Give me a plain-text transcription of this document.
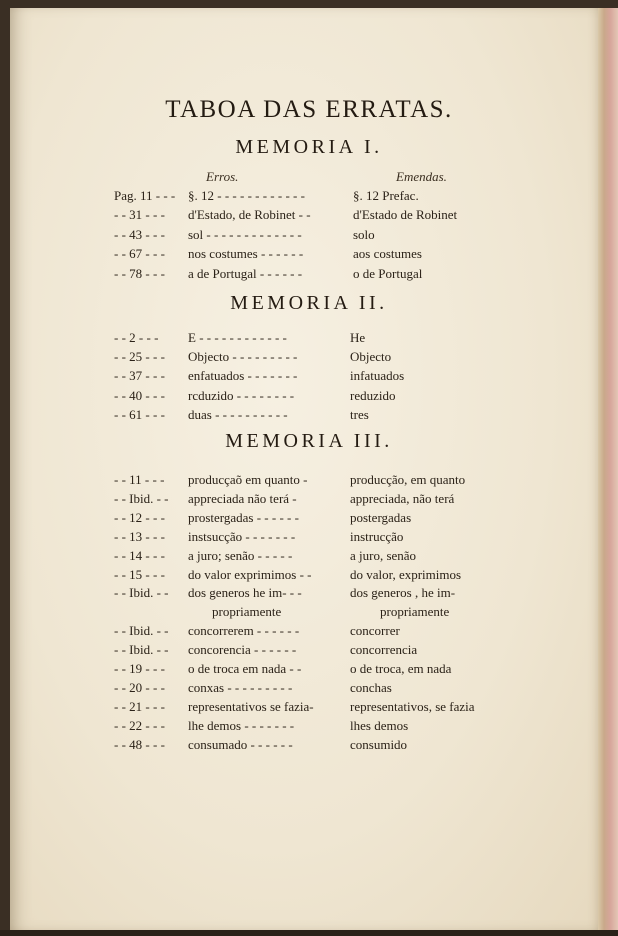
TABOA DAS ERRATAS.
MEMORIA I.
Erros.	Emendas.
Pag. 11 - - - §. 12 - - - - - - - - - - - -	§. 12 Prefac.
- - 31 - - -	d'Estado, de Robinet - -	d'Estado de Robinet
- - 43 - - -	sol - - - - - - - - - - - - -	solo
- - 67 - - -	nos costumes - - - - - -	aos costumes
- - 78 - - -	a de Portugal - - - - - -	o de Portugal
MEMORIA II.
- - 2 - - -	E - - - - - - - - - - - -	He
- - 25 - - -	Objecto - - - - - - - - -	Objecto
- - 37 - - -	enfatuados - - - - - - -	infatuados
- - 40 - - -	rcduzido - - - - - - - -	reduzido
- - 61 - - -	duas - - - - - - - - - -	tres
MEMORIA III.
- - 11 - - -	producçaõ em quanto -	producção, em quanto
- - Ibid. - -	appreciada não terá -	appreciada, não terá
- - 12 - - -	prostergadas - - - - - -	postergadas
- - 13 - - -	instsucção - - - - - - -	instrucção
- - 14 - - -	a juro; senão - - - - -	a juro, senão
- - 15 - - -	do valor exprimimos - -	do valor, exprimimos
- - Ibid. - -	dos generos he im- - -	dos generos , he im-
propriamente	propriamente
- - Ibid. - -	concorrerem - - - - - -	concorrer
- - Ibid. - -	concorencia - - - - - -	concorrencia
- - 19 - - -	o de troca em nada - -	o de troca, em nada
- - 20 - - -	conxas - - - - - - - - -	conchas
- - 21 - - -	representativos se fazia-	representativos, se fazia
- - 22 - - -	lhe demos - - - - - - -	lhes demos
- - 48 - - -	consumado - - - - - -	consumido
